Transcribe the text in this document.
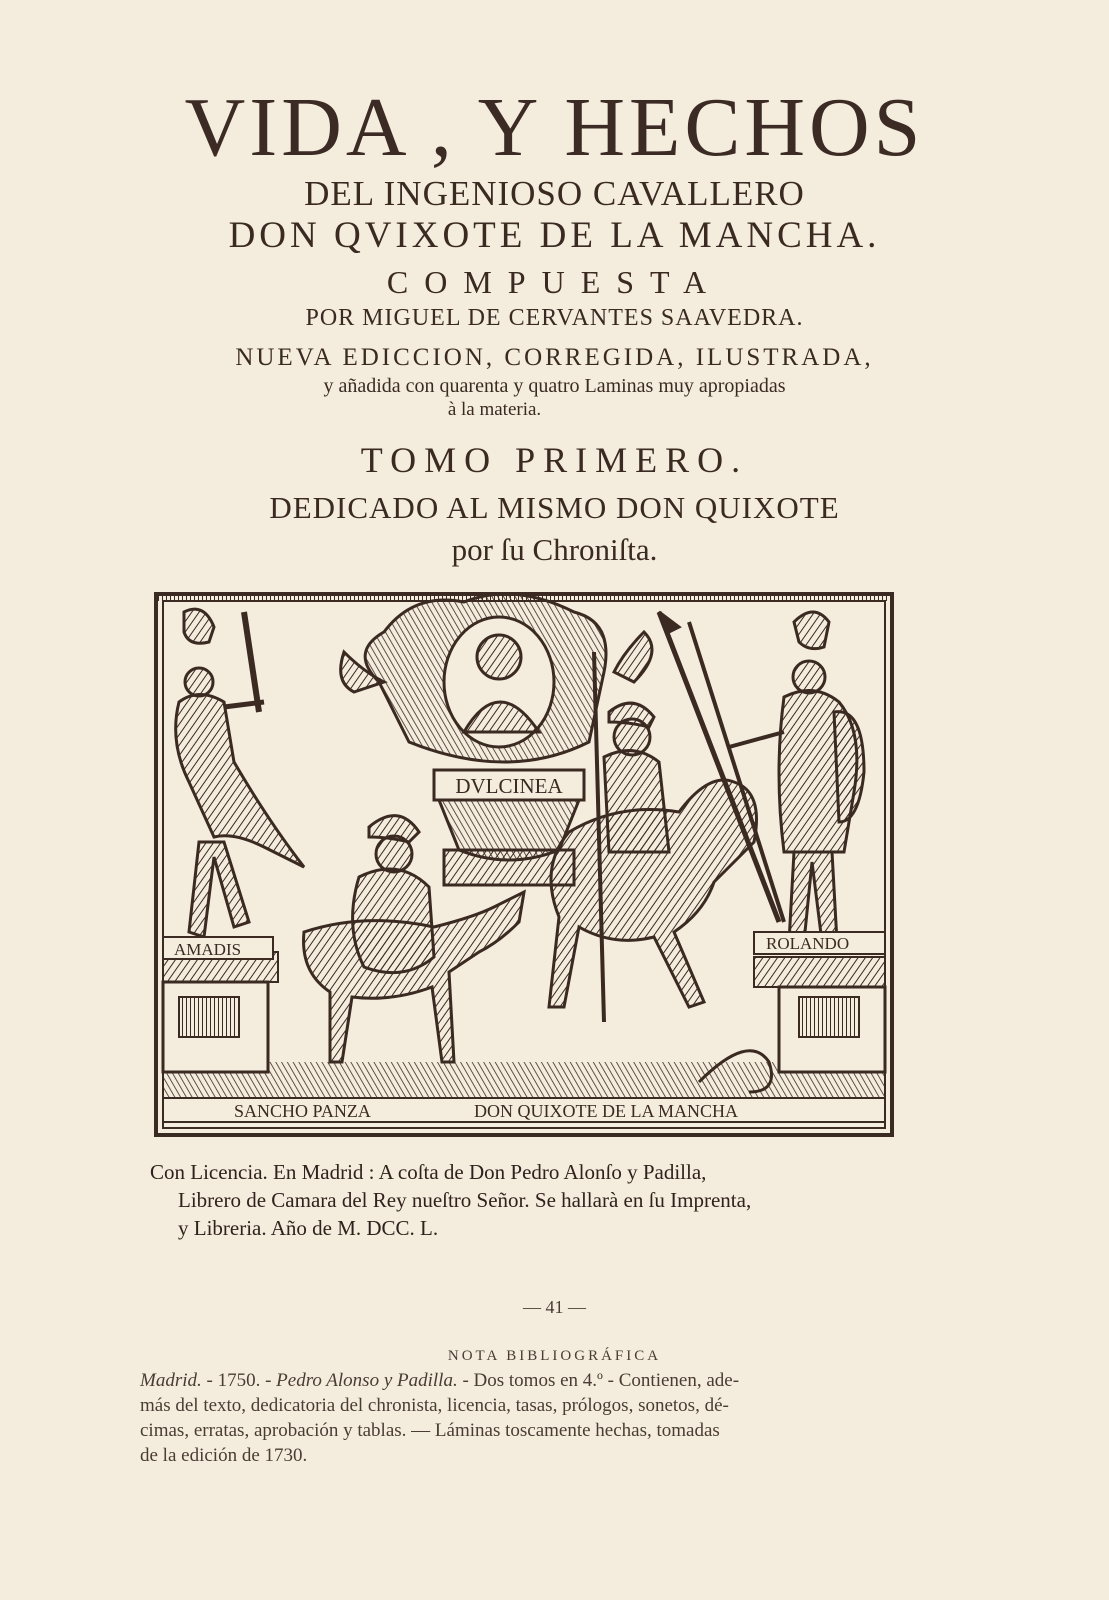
VIDA , Y HECHOS
DEL INGENIOSO CAVALLERO
DON QVIXOTE DE LA MANCHA.
COMPUESTA
POR MIGUEL DE CERVANTES SAAVEDRA.
NUEVA EDICCION, CORREGIDA, ILUSTRADA,
y añadida con quarenta y quatro Laminas muy apropiadas
à la materia.
TOMO PRIMERO.
DEDICADO AL MISMO DON QUIXOTE
por ſu Chroniſta.
DVLCINEA
AMADIS	ROLANDO
SANCHO PANZA	DON QUIXOTE DE LA MANCHA
Con Licencia. En Madrid : A coſta de Don Pedro Alonſo y Padilla,
Librero de Camara del Rey nueſtro Señor. Se hallarà en ſu Imprenta,
y Libreria. Año de M. DCC. L.
— 41 —
NOTA BIBLIOGRÁFICA
Madrid. - 1750. - Pedro Alonso y Padilla. - Dos tomos en 4.º - Contienen, ade-
más del texto, dedicatoria del chronista, licencia, tasas, prólogos, sonetos, dé-
cimas, erratas, aprobación y tablas. — Láminas toscamente hechas, tomadas
de la edición de 1730.
